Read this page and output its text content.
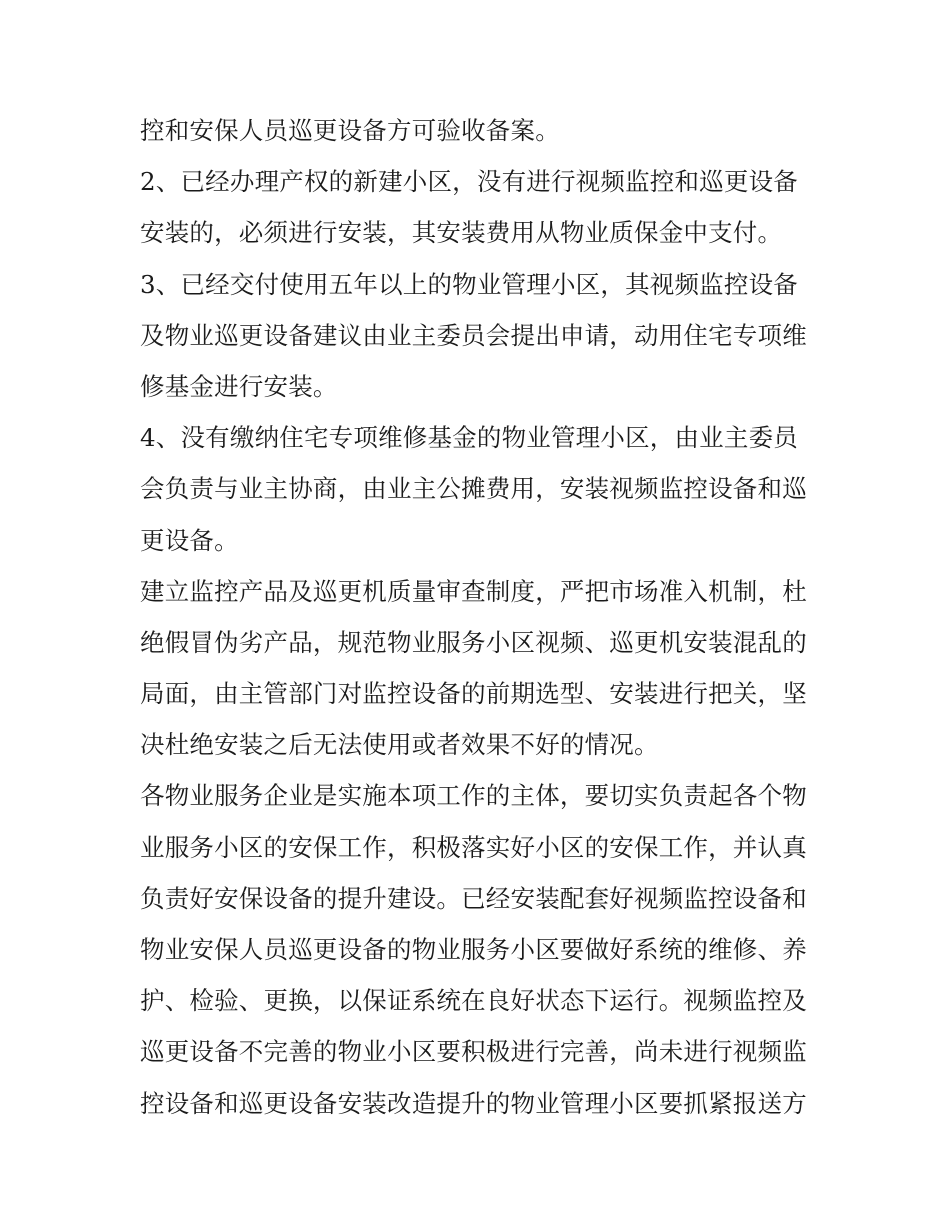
控和安保人员巡更设备方可验收备案。
2、已经办理产权的新建小区，没有进行视频监控和巡更设备
安装的，必须进行安装，其安装费用从物业质保金中支付。
3、已经交付使用五年以上的物业管理小区，其视频监控设备
及物业巡更设备建议由业主委员会提出申请，动用住宅专项维
修基金进行安装。
4、没有缴纳住宅专项维修基金的物业管理小区，由业主委员
会负责与业主协商，由业主公摊费用，安装视频监控设备和巡
更设备。
建立监控产品及巡更机质量审查制度，严把市场准入机制，杜
绝假冒伪劣产品，规范物业服务小区视频、巡更机安装混乱的
局面，由主管部门对监控设备的前期选型、安装进行把关，坚
决杜绝安装之后无法使用或者效果不好的情况。
各物业服务企业是实施本项工作的主体，要切实负责起各个物
业服务小区的安保工作，积极落实好小区的安保工作，并认真
负责好安保设备的提升建设。已经安装配套好视频监控设备和
物业安保人员巡更设备的物业服务小区要做好系统的维修、养
护、检验、更换，以保证系统在良好状态下运行。视频监控及
巡更设备不完善的物业小区要积极进行完善，尚未进行视频监
控设备和巡更设备安装改造提升的物业管理小区要抓紧报送方
